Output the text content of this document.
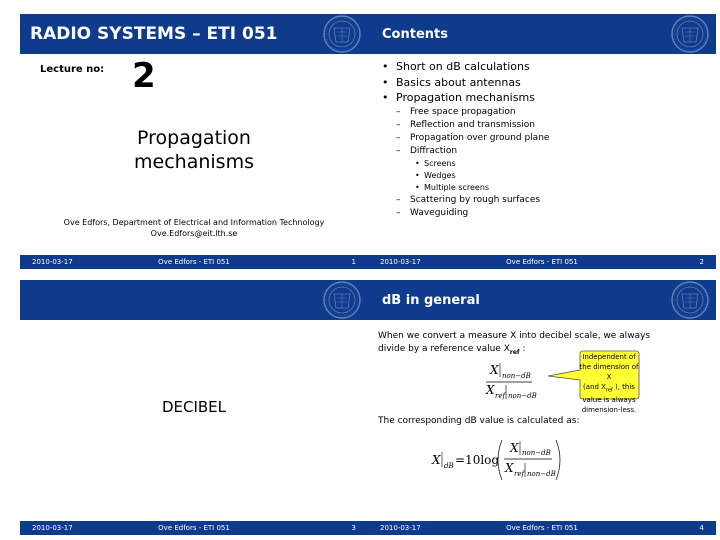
RADIO SYSTEMS – ETI 051
Lecture no: 2
Propagation
mechanisms
Ove Edfors, Department of Electrical and Information Technology
Ove.Edfors@eit.lth.se
2010-03-17	Ove Edfors - ETI 051	1
Contents
• Short on dB calculations
• Basics about antennas
• Propagation mechanisms
– Free space propagation
– Reflection and transmission
– Propagation over ground plane
– Diffraction
• Screens
• Wedges
• Multiple screens
– Scattering by rough surfaces
– Waveguiding
2010-03-17	Ove Edfors - ETI 051	2
DECIBEL
2010-03-17	Ove Edfors - ETI 051	3
dB in general
When we convert a measure X into decibel scale, we always
divide by a reference value $X_{ref}$ :
Independent of
the dimension of X
(and $X_{ref}$ ), this
value is always
dimension-less.
X non−dB
X ref non−dB
The corresponding dB value is calculated as:
X dB =10log
X non−dB
X ref non−dB
2010-03-17	Ove Edfors - ETI 051	4
